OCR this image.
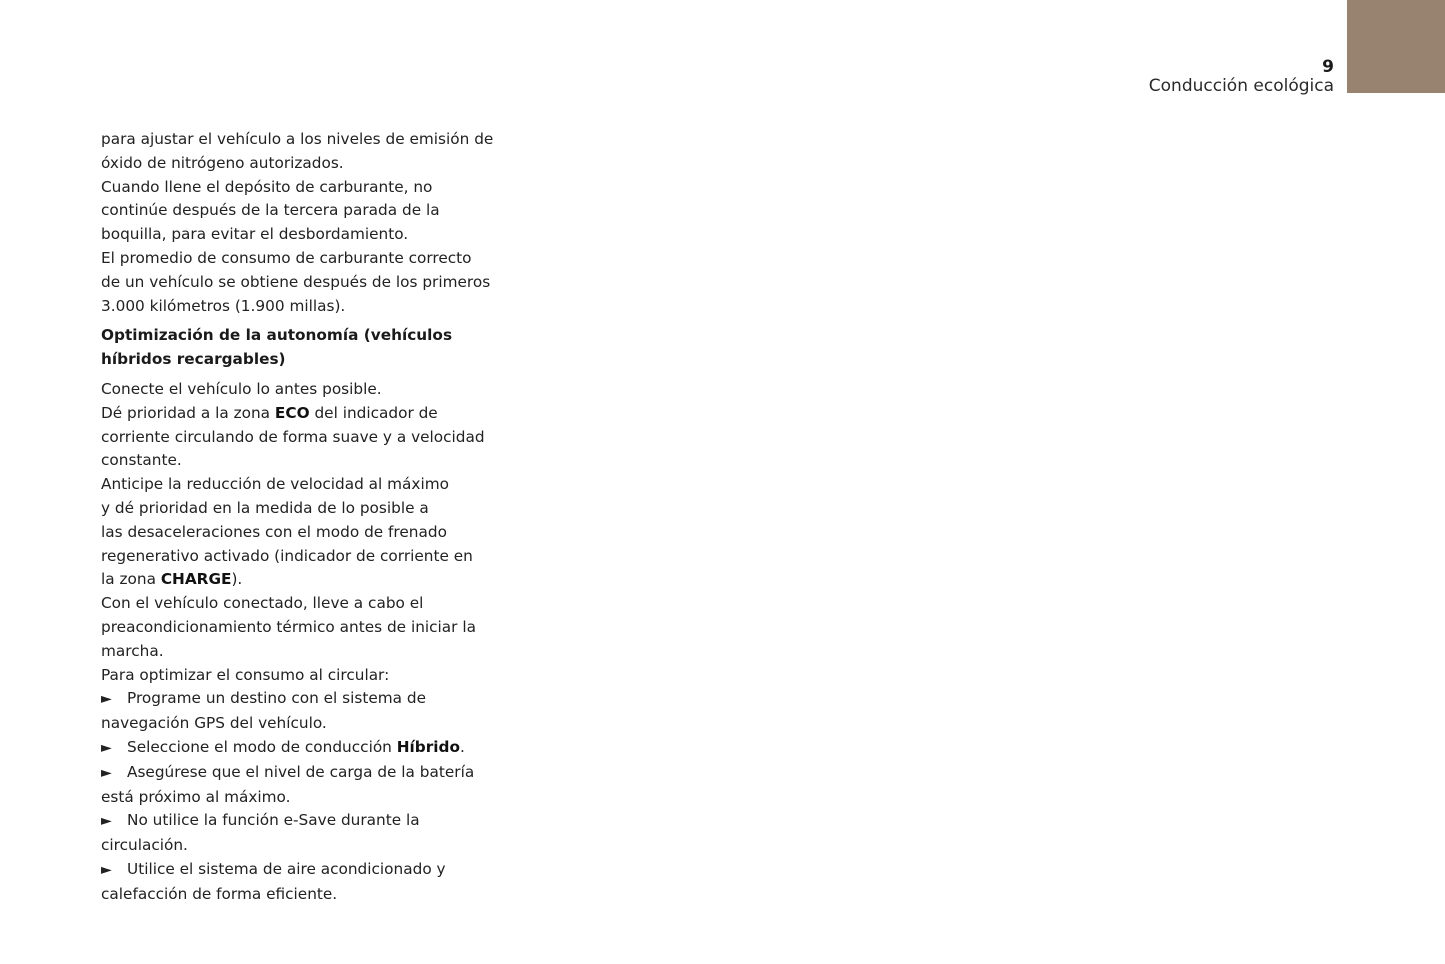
9
Conducción ecológica
para ajustar el vehículo a los niveles de emisión de
óxido de nitrógeno autorizados.
Cuando llene el depósito de carburante, no
continúe después de la tercera parada de la
boquilla, para evitar el desbordamiento.
El promedio de consumo de carburante correcto
de un vehículo se obtiene después de los primeros
3.000 kilómetros (1.900 millas).
Optimización de la autonomía (vehículos
híbridos recargables)
Conecte el vehículo lo antes posible.
Dé prioridad a la zona ECO del indicador de
corriente circulando de forma suave y a velocidad
constante.
Anticipe la reducción de velocidad al máximo
y dé prioridad en la medida de lo posible a
las desaceleraciones con el modo de frenado
regenerativo activado (indicador de corriente en
la zona CHARGE).
Con el vehículo conectado, lleve a cabo el
preacondicionamiento térmico antes de iniciar la
marcha.
Para optimizar el consumo al circular:
► Programe un destino con el sistema de
navegación GPS del vehículo.
► Seleccione el modo de conducción Híbrido.
► Asegúrese que el nivel de carga de la batería
está próximo al máximo.
► No utilice la función e-Save durante la
circulación.
► Utilice el sistema de aire acondicionado y
calefacción de forma eficiente.
